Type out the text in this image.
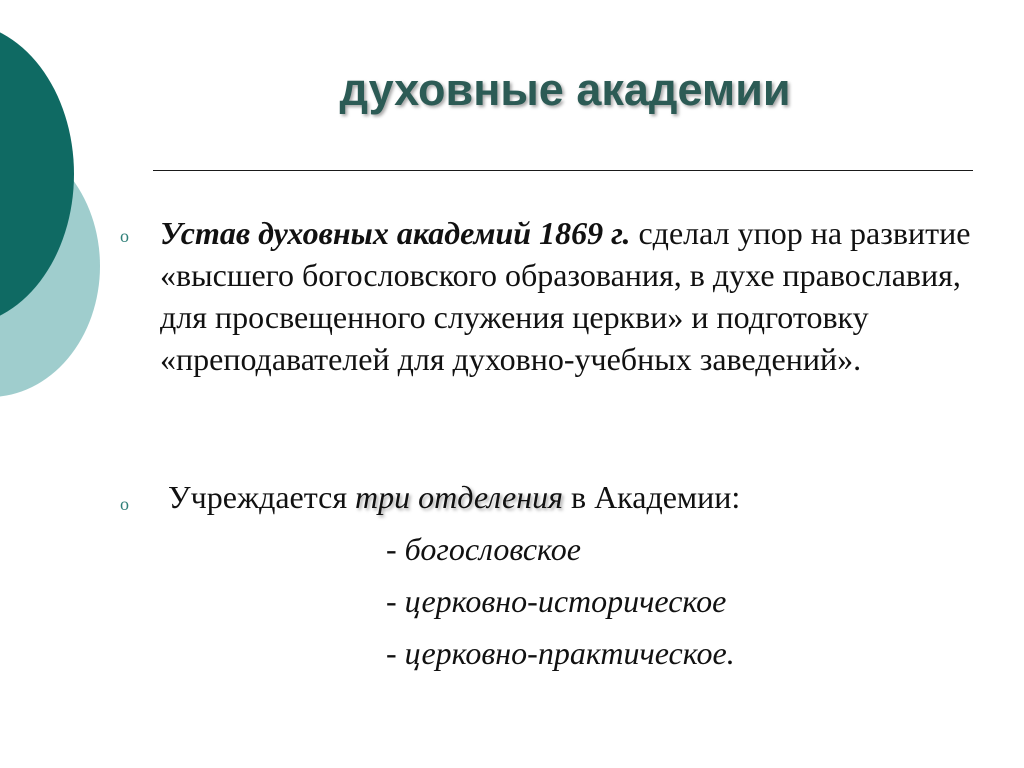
духовные академии
o Устав духовных академий 1869 г. сделал упор на развитие «высшего богословского образования, в духе православия, для просвещенного служения церкви» и подготовку «преподавателей для духовно-учебных заведений».
o Учреждается три отделения в Академии:
- богословское
- церковно-историческое
- церковно-практическое.
